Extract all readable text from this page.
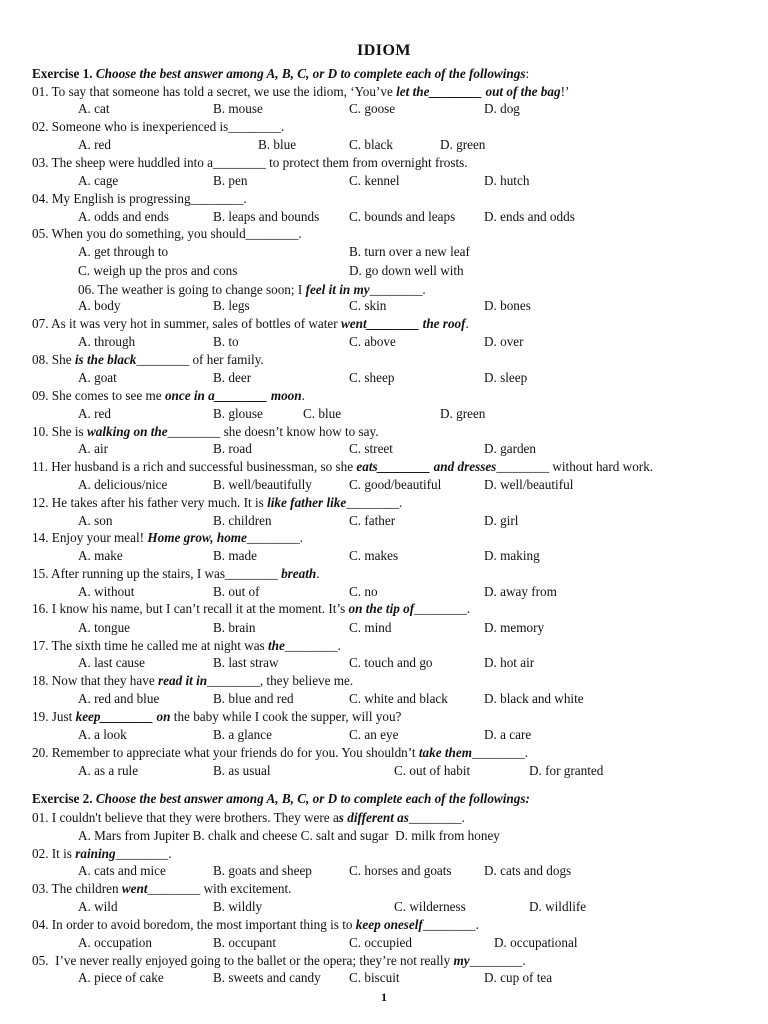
IDIOM
Exercise 1. Choose the best answer among A, B, C, or D to complete each of the followings:
01. To say that someone has told a secret, we use the idiom, ‘You’ve let the________ out of the bag!’
A. cat	B. mouse	C. goose	D. dog
02. Someone who is inexperienced is________.
A. red	B. blue	C. black	D. green
03. The sheep were huddled into a________ to protect them from overnight frosts.
A. cage	B. pen	C. kennel	D. hutch
04. My English is progressing________.
A. odds and ends	B. leaps and bounds C. bounds and leaps D. ends and odds
05. When you do something, you should________.
A. get through to	B. turn over a new leaf
C. weigh up the pros and cons	D. go down well with
06. The weather is going to change soon; I feel it in my________.
A. body	B. legs	C. skin	D. bones
07. As it was very hot in summer, sales of bottles of water went________ the roof.
A. through	B. to	C. above	D. over
08. She is the black________ of her family.
A. goat	B. deer	C. sheep	D. sleep
09. She comes to see me once in a________ moon.
A. red	B. glouse	C. blue	D. green
10. She is walking on the________ she doesn’t know how to say.
A. air	B. road	C. street	D. garden
11. Her husband is a rich and successful businessman, so she eats________ and dresses________ without hard work.
A. delicious/nice	B. well/beautifully	C. good/beautiful	D. well/beautiful
12. He takes after his father very much. It is like father like________.
A. son	B. children	C. father	D. girl
14. Enjoy your meal! Home grow, home________.
A. make	B. made	C. makes	D. making
15. After running up the stairs, I was________ breath.
A. without	B. out of	C. no	D. away from
16. I know his name, but I can’t recall it at the moment. It’s on the tip of________.
A. tongue	B. brain	C. mind	D. memory
17. The sixth time he called me at night was the________.
A. last cause	B. last straw	C. touch and go	D. hot air
18. Now that they have read it in________, they believe me.
A. red and blue	B. blue and red	C. white and black	D. black and white
19. Just keep________ on the baby while I cook the supper, will you?
A. a look	B. a glance	C. an eye	D. a care
20. Remember to appreciate what your friends do for you. You shouldn’t take them________.
A. as a rule	B. as usual	C. out of habit	D. for granted
Exercise 2. Choose the best answer among A, B, C, or D to complete each of the followings:
01. I couldn't believe that they were brothers. They were as different as________.
A. Mars from Jupiter B. chalk and cheese C. salt and sugar  D. milk from honey
02. It is raining________.
A. cats and mice	B. goats and sheep	C. horses and goats D. cats and dogs
03. The children went________ with excitement.
A. wild	B. wildly	C. wilderness	D. wildlife
04. In order to avoid boredom, the most important thing is to keep oneself________.
A. occupation	B. occupant	C. occupied	D. occupational
05.  I’ve never really enjoyed going to the ballet or the opera; they’re not really my________.
A. piece of cake	B. sweets and candy C. biscuit	D. cup of tea
1
